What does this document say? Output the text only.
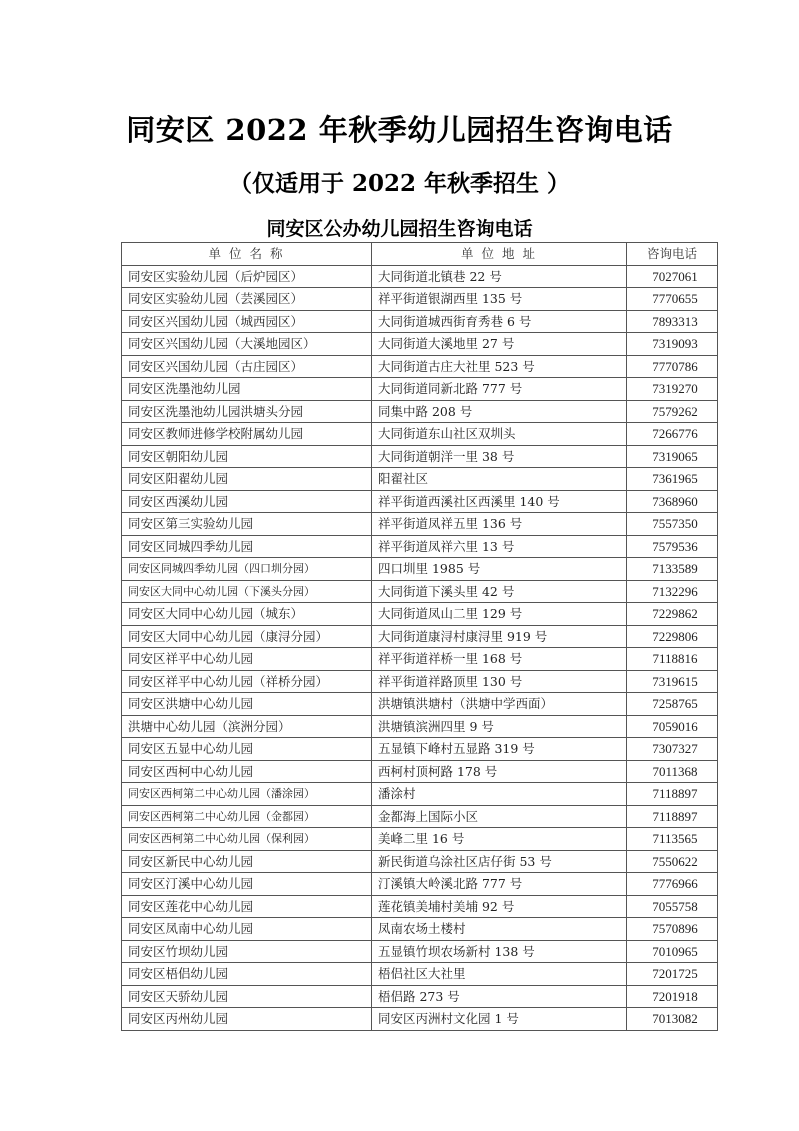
同安区 2022 年秋季幼儿园招生咨询电话
（仅适用于 2022 年秋季招生 ）
同安区公办幼儿园招生咨询电话
单 位 名 称	单 位 地 址	咨询电话
同安区实验幼儿园（后炉园区）	大同街道北镇巷 22 号	7027061
同安区实验幼儿园（芸溪园区）	祥平街道银湖西里 135 号	7770655
同安区兴国幼儿园（城西园区）	大同街道城西街育秀巷 6 号	7893313
同安区兴国幼儿园（大溪地园区）	大同街道大溪地里 27 号	7319093
同安区兴国幼儿园（古庄园区）	大同街道古庄大社里 523 号	7770786
同安区洗墨池幼儿园	大同街道同新北路 777 号	7319270
同安区洗墨池幼儿园洪塘头分园	同集中路 208 号	7579262
同安区教师进修学校附属幼儿园	大同街道东山社区双圳头	7266776
同安区朝阳幼儿园	大同街道朝洋一里 38 号	7319065
同安区阳翟幼儿园	阳翟社区	7361965
同安区西溪幼儿园	祥平街道西溪社区西溪里 140 号	7368960
同安区第三实验幼儿园	祥平街道凤祥五里 136 号	7557350
同安区同城四季幼儿园	祥平街道凤祥六里 13 号	7579536
同安区同城四季幼儿园（四口圳分园）	四口圳里 1985 号	7133589
同安区大同中心幼儿园（下溪头分园）	大同街道下溪头里 42 号	7132296
同安区大同中心幼儿园（城东）	大同街道凤山二里 129 号	7229862
同安区大同中心幼儿园（康浔分园）	大同街道康浔村康浔里 919 号	7229806
同安区祥平中心幼儿园	祥平街道祥桥一里 168 号	7118816
同安区祥平中心幼儿园（祥桥分园）	祥平街道祥路顶里 130 号	7319615
同安区洪塘中心幼儿园	洪塘镇洪塘村（洪塘中学西面）	7258765
洪塘中心幼儿园（滨洲分园）	洪塘镇滨洲四里 9 号	7059016
同安区五显中心幼儿园	五显镇下峰村五显路 319 号	7307327
同安区西柯中心幼儿园	西柯村顶柯路 178 号	7011368
同安区西柯第二中心幼儿园（潘涂园）	潘涂村	7118897
同安区西柯第二中心幼儿园（金都园）	金都海上国际小区	7118897
同安区西柯第二中心幼儿园（保利园）	美峰二里 16 号	7113565
同安区新民中心幼儿园	新民街道乌涂社区店仔街 53 号	7550622
同安区汀溪中心幼儿园	汀溪镇大岭溪北路 777 号	7776966
同安区莲花中心幼儿园	莲花镇美埔村美埔 92 号	7055758
同安区凤南中心幼儿园	凤南农场土楼村	7570896
同安区竹坝幼儿园	五显镇竹坝农场新村 138 号	7010965
同安区梧侣幼儿园	梧侣社区大社里	7201725
同安区天骄幼儿园	梧侣路 273 号	7201918
同安区丙州幼儿园	同安区丙洲村文化园 1 号	7013082
